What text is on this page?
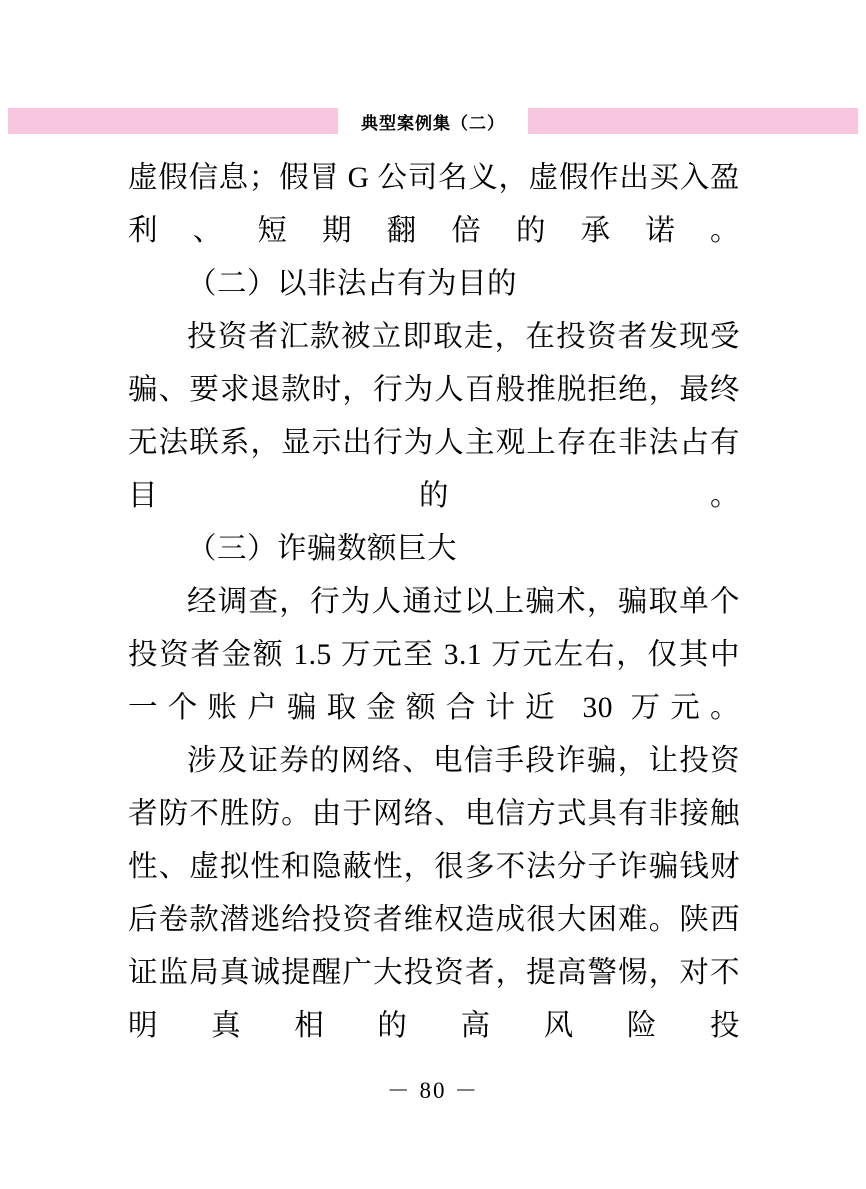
典型案例集（二）

虚假信息；假冒 G 公司名义，虚假作出买入盈利、短期翻倍的承诺。

（二）以非法占有为目的

投资者汇款被立即取走，在投资者发现受骗、要求退款时，行为人百般推脱拒绝，最终无法联系，显示出行为人主观上存在非法占有目的。

（三）诈骗数额巨大

经调查，行为人通过以上骗术，骗取单个投资者金额 1.5 万元至 3.1 万元左右，仅其中一个账户骗取金额合计近 30 万元。

涉及证券的网络、电信手段诈骗，让投资者防不胜防。由于网络、电信方式具有非接触性、虚拟性和隐蔽性，很多不法分子诈骗钱财后卷款潜逃给投资者维权造成很大困难。陕西证监局真诚提醒广大投资者，提高警惕，对不明真相的高风险投

－ 80 －
